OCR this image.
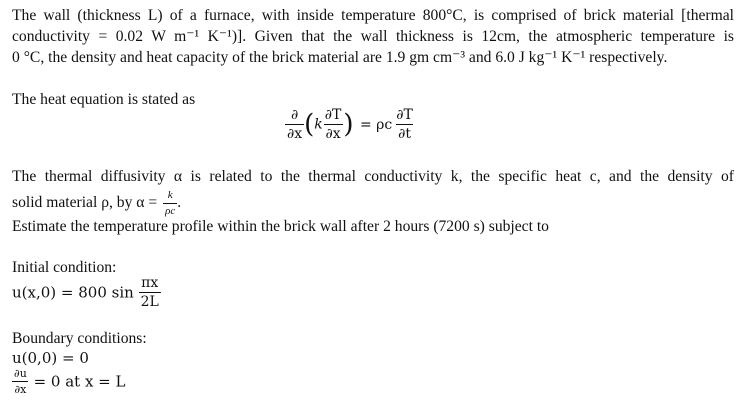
The wall (thickness L) of a furnace, with inside temperature 800°C, is comprised of brick material [thermal
conductivity = 0.02 W m⁻¹ K⁻¹)]. Given that the wall thickness is 12cm, the atmospheric temperature is
0 °C, the density and heat capacity of the brick material are 1.9 gm cm⁻³ and 6.0 J kg⁻¹ K⁻¹ respectively.
The heat equation is stated as
$\frac{\partial}{\partial x} (k \frac{\partial T}{\partial x}$ ) = ρc $\frac{\partial T}{\partial t}$
The thermal diffusivity α is related to the thermal conductivity k, the specific heat c, and the density of
solid material ρ, by $\alpha = \frac{k}{\rho c}$ .
Estimate the temperature profile within the brick wall after 2 hours (7200 s) subject to
Initial condition:
u(x,0) = 800 $\sin \frac{\pi x}{2L}$
Boundary conditions:
u(0,0) = 0
$\frac{\partial u}{\partial x} = 0$ at x = L
